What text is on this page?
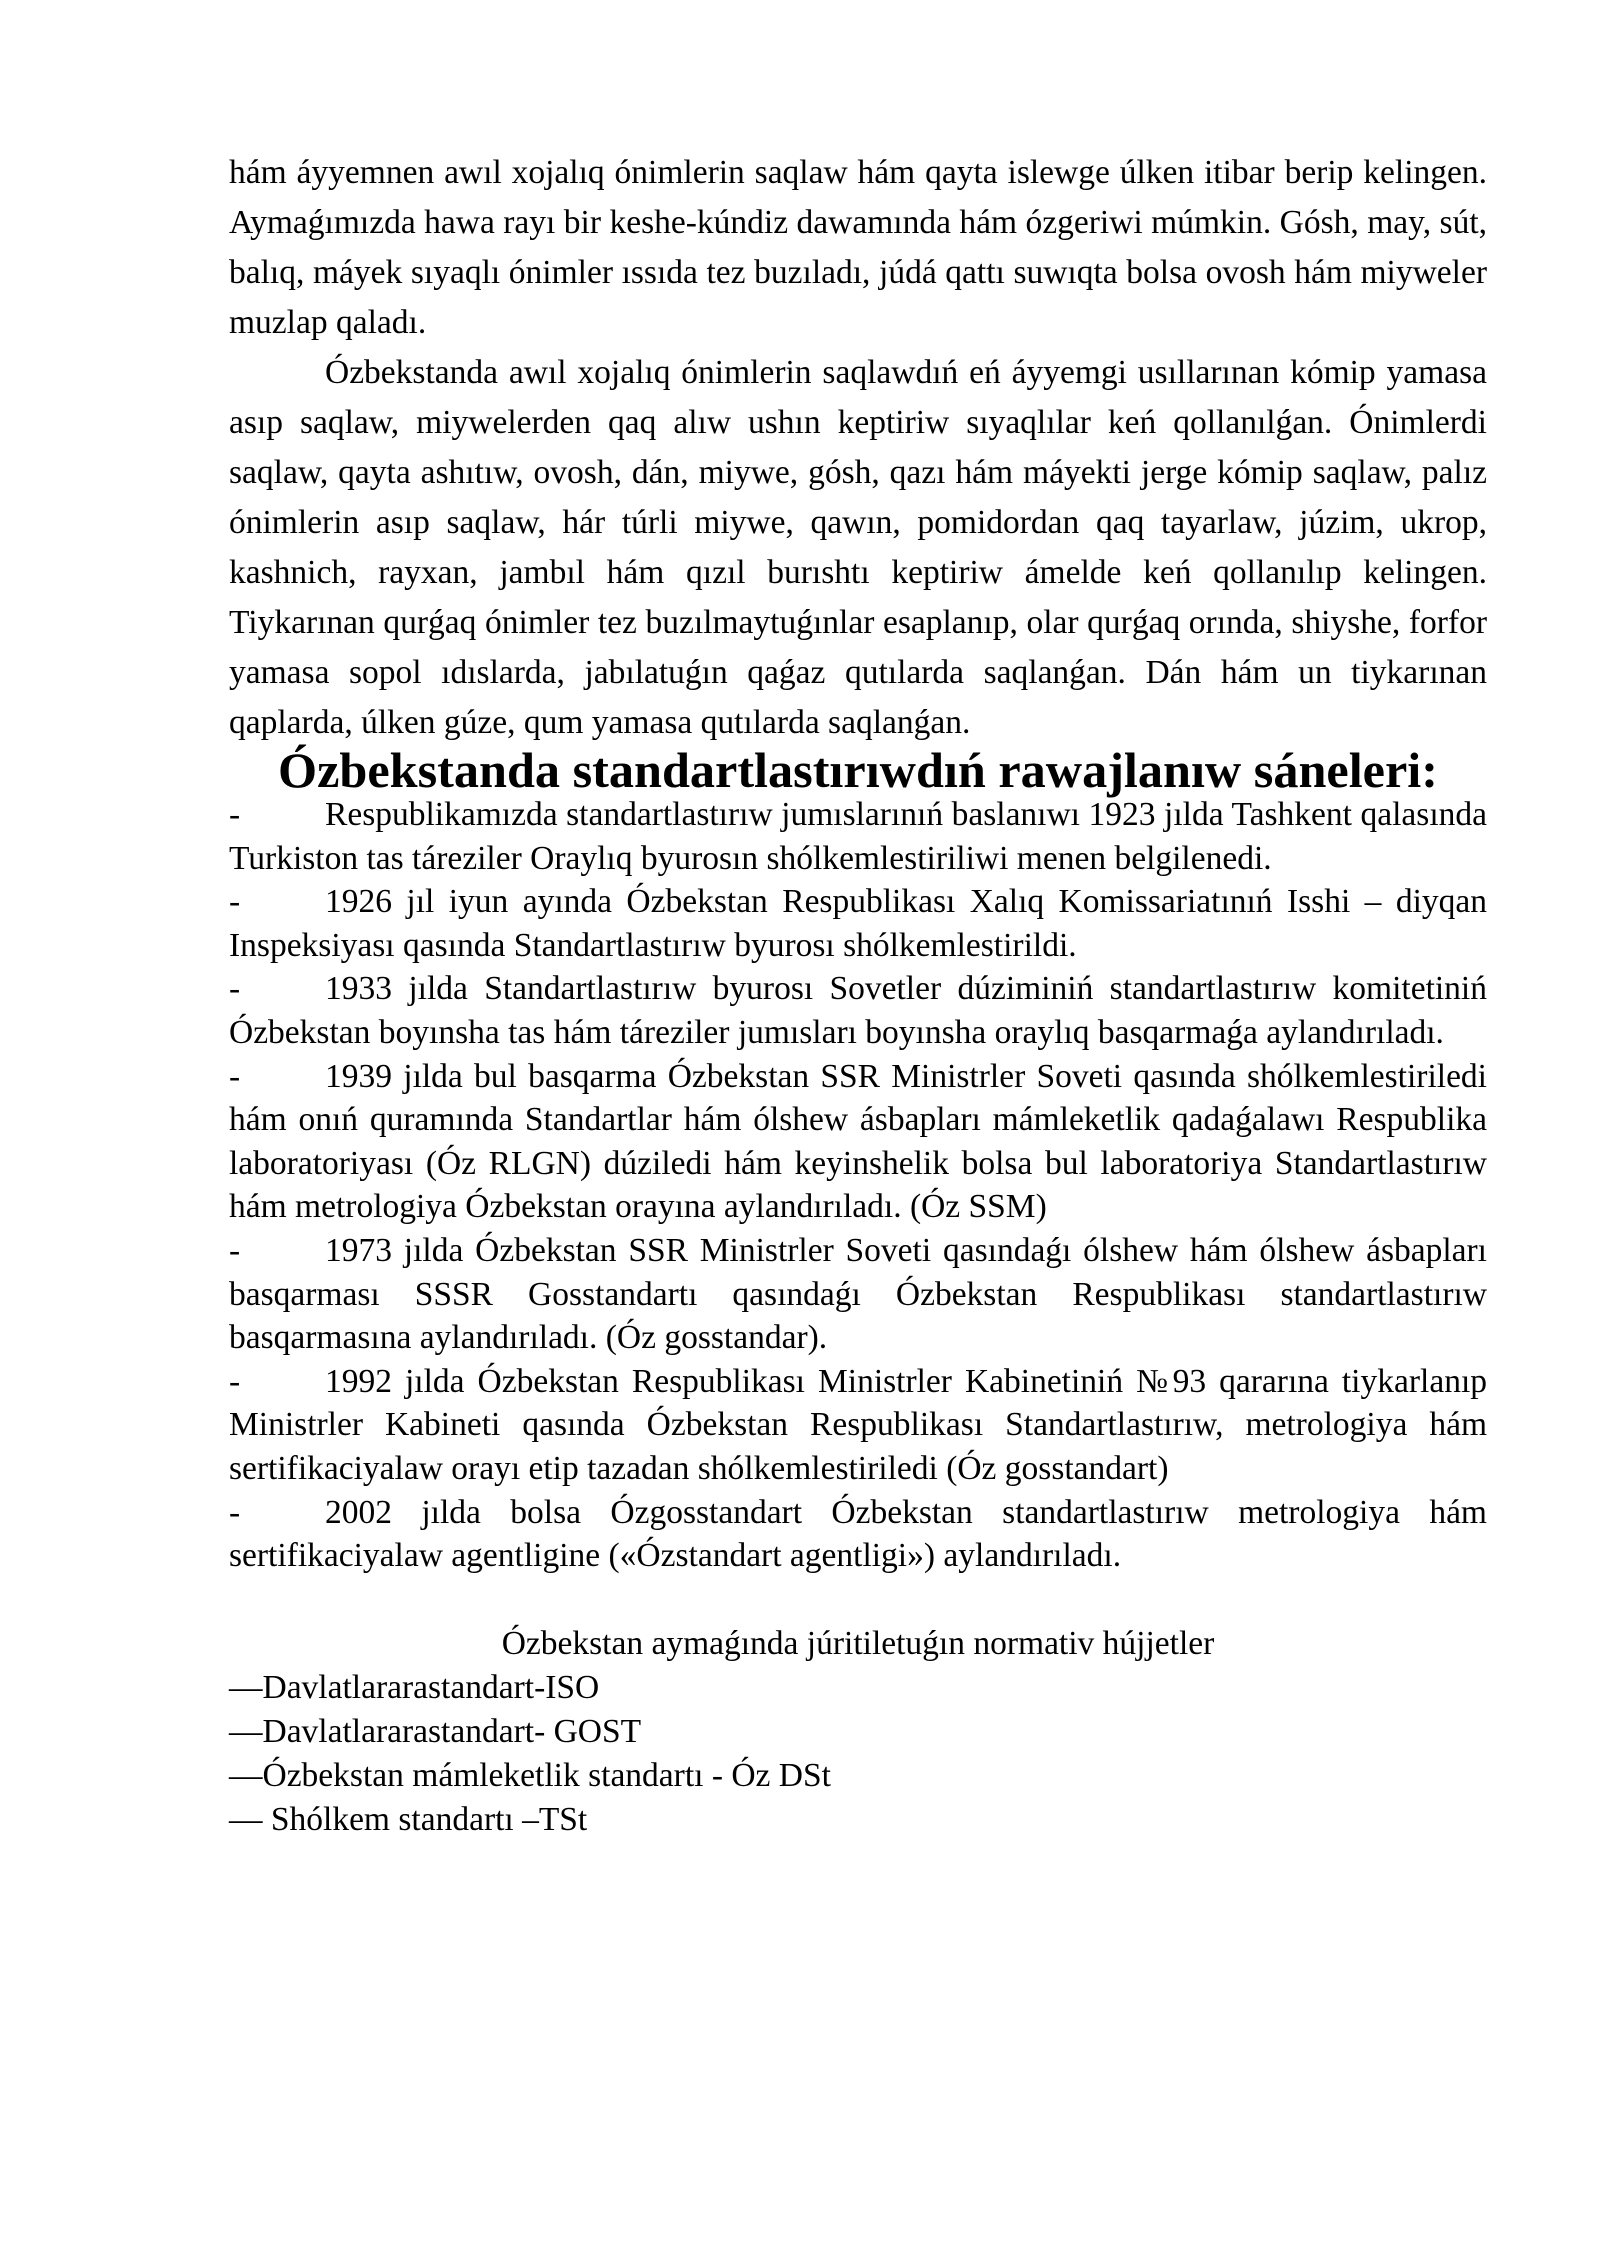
hám áyyemnen awıl xojalıq ónimlerin saqlaw hám qayta islewge úlken itibar berip kelingen. Aymaǵımızda hawa rayı bir keshe-kúndiz dawamında hám ózgeriwi múmkin. Gósh, may, sút, balıq, máyek sıyaqlı ónimler ıssıda tez buzıladı, júdá qattı suwıqta bolsa ovosh hám miyweler muzlap qaladı.

Ózbekstanda awıl xojalıq ónimlerin saqlawdıń eń áyyemgi usıllarınan kómip yamasa asıp saqlaw, miywelerden qaq alıw ushın keptiriw sıyaqlılar keń qollanılǵan. Ónimlerdi saqlaw, qayta ashıtıw, ovosh, dán, miywe, gósh, qazı hám máyekti jerge kómip saqlaw, palız ónimlerin asıp saqlaw, hár túrli miywe, qawın, pomidordan qaq tayarlaw, júzim, ukrop, kashnich, rayxan, jambıl hám qızıl burıshtı keptiriw ámelde keń qollanılıp kelingen. Tiykarınan qurǵaq ónimler tez buzılmaytuǵınlar esaplanıp, olar qurǵaq orında, shiyshe, forfor yamasa sopol ıdıslarda, jabılatuǵın qaǵaz qutılarda saqlanǵan. Dán hám un tiykarınan qaplarda, úlken gúze, qum yamasa qutılarda saqlanǵan.

Ózbekstanda standartlastırıwdıń rawajlanıw sáneleri:
-	Respublikamızda standartlastırıw jumıslarınıń baslanıwı 1923 jılda Tashkent qalasında Turkiston tas táreziler Oraylıq byurosın shólkemlestiriliwi menen belgilenedi.
-	1926 jıl iyun ayında Ózbekstan Respublikası Xalıq Komissariatınıń Isshi – diyqan Inspeksiyası qasında Standartlastırıw byurosı shólkemlestirildi.
-	1933 jılda Standartlastırıw byurosı Sovetler dúziminiń standartlastırıw komitetiniń Ózbekstan boyınsha tas hám táreziler jumısları boyınsha oraylıq basqarmaǵa aylandırıladı.
-	1939 jılda bul basqarma Ózbekstan SSR Ministrler Soveti qasında shólkemlestiriledi hám onıń quramında Standartlar hám ólshew ásbapları mámleketlik qadaǵalawı Respublika laboratoriyası (Óz RLGN) dúziledi hám keyinshelik bolsa bul laboratoriya Standartlastırıw hám metrologiya Ózbekstan orayına aylandırıladı. (Óz SSM)
-	1973 jılda Ózbekstan SSR Ministrler Soveti qasındaǵı ólshew hám ólshew ásbapları basqarması SSSR Gosstandartı qasındaǵı Ózbekstan Respublikası standartlastırıw basqarmasına aylandırıladı. (Óz gosstandar).
-	1992 jılda Ózbekstan Respublikası Ministrler Kabinetiniń №93 qararına tiykarlanıp Ministrler Kabineti qasında Ózbekstan Respublikası Standartlastırıw, metrologiya hám sertifikaciyalaw orayı etip tazadan shólkemlestiriledi (Óz gosstandart)
-	2002 jılda bolsa Ózgosstandart Ózbekstan standartlastırıw metrologiya hám sertifikaciyalaw agentligine («Ózstandart agentligi») aylandırıladı.

Ózbekstan aymaǵında júritiletuǵın normativ hújjetler

—Davlatlararastandart-ISO
—Davlatlararastandart- GOST
—Ózbekstan mámleketlik standartı - Óz DSt
— Shólkem standartı –TSt
